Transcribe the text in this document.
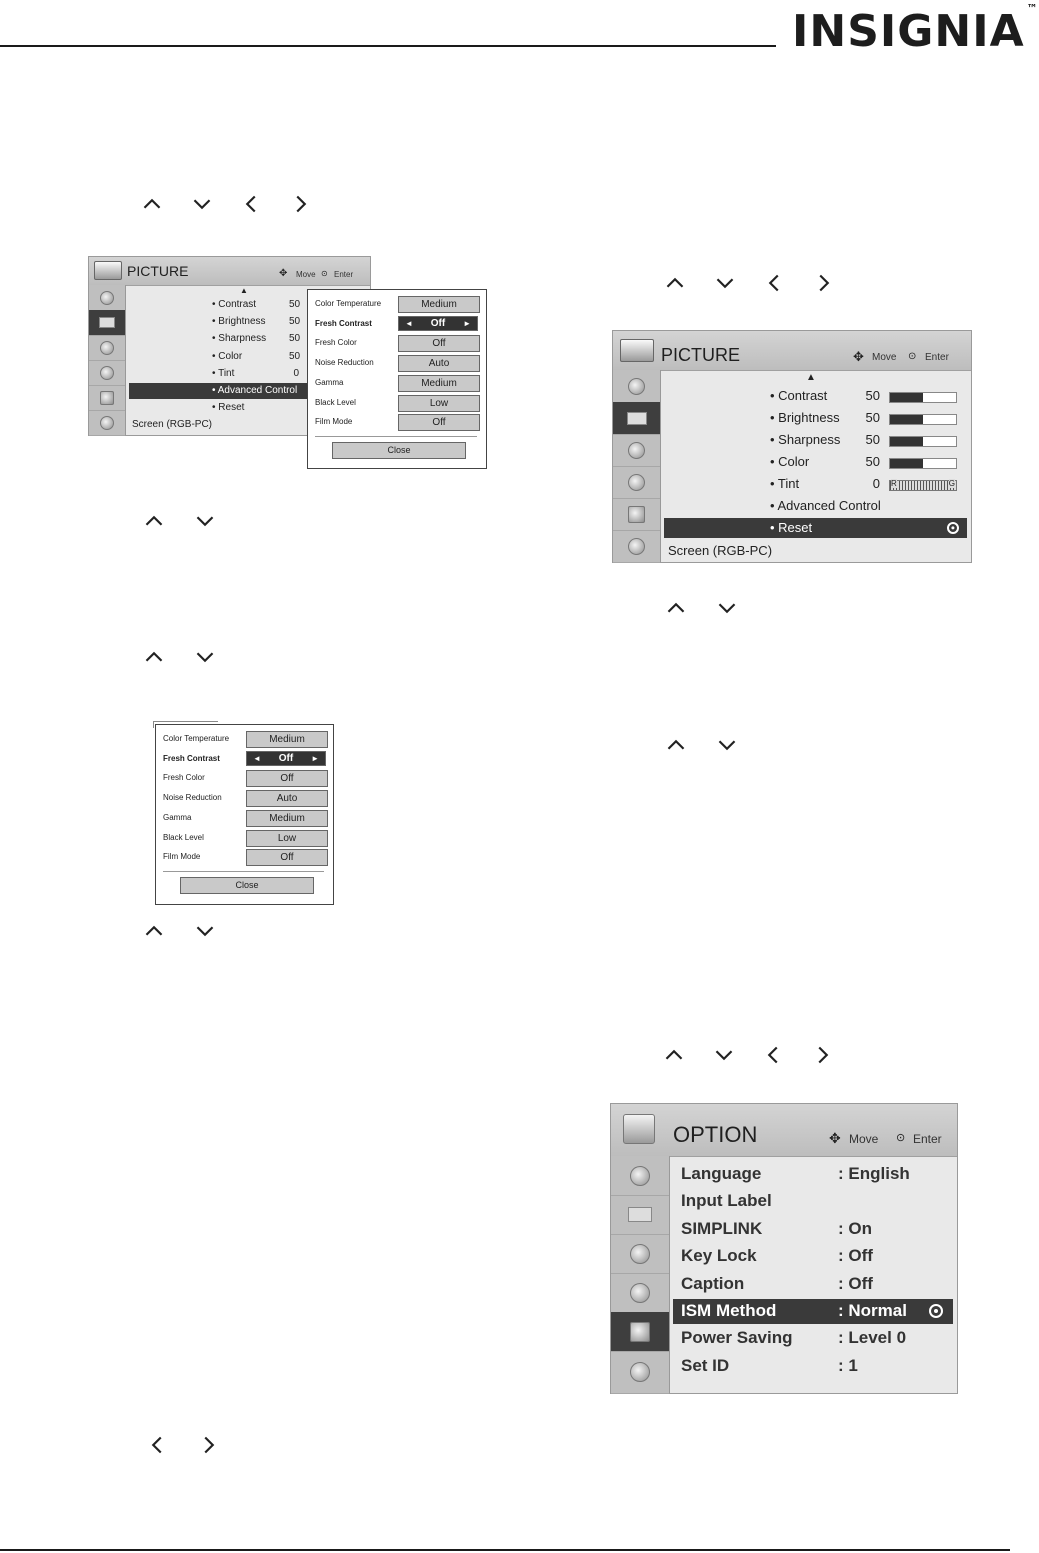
INSIGNIA ™
PICTURE	✥ Move ⊙ Enter
▲
• Contrast	50
• Brightness 50
• Sharpness 50
• Color	50
• Tint	0
• Advanced Control
• Reset
Screen (RGB-PC)
Color Temperature	Medium
Fresh Contrast	◄ Off ►
Fresh Color	Off
Noise Reduction	Auto
Gamma	Medium
Black Level	Low
Film Mode	Off
Close
Color Temperature	Medium
Fresh Contrast	◄ Off ►
Fresh Color	Off
Noise Reduction	Auto
Gamma	Medium
Black Level	Low
Film Mode	Off
Close
PICTURE	✥ Move ⊙ Enter
▲
• Contrast	50
• Brightness 50
• Sharpness 50
• Color	50
• Tint	0 R	G
• Advanced Control
• Reset
Screen (RGB-PC)
OPTION	✥ Move ⊙ Enter
Language	: English
Input Label
SIMPLINK	: On
Key Lock	: Off
Caption	: Off
ISM Method	: Normal
Power Saving	: Level 0
Set ID	: 1
